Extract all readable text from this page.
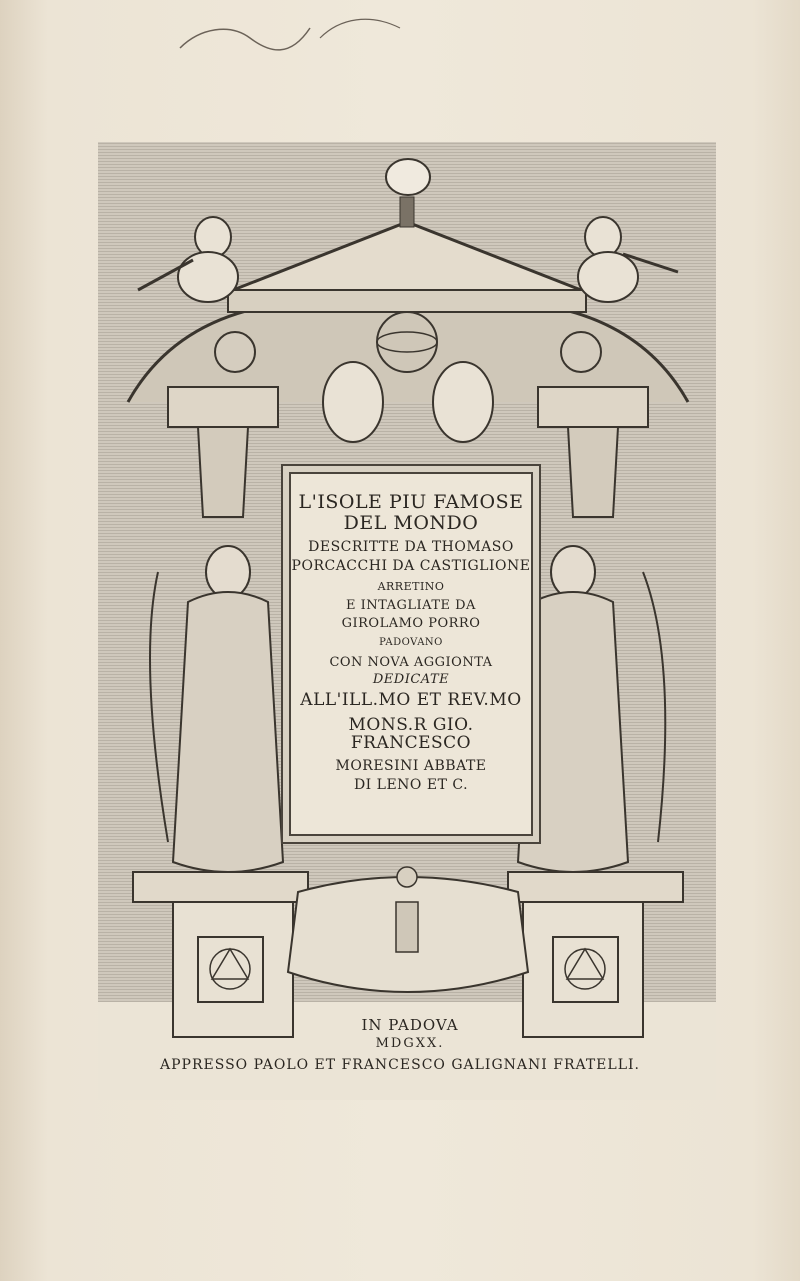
L'ISOLE PIU FAMOSE
DEL MONDO
DESCRITTE DA THOMASO
PORCACCHI DA CASTIGLIONE
ARRETINO
E INTAGLIATE DA
GIROLAMO PORRO
PADOVANO
CON NOVA AGGIONTA
DEDICATE
ALL'ILL.MO ET REV.MO
MONS.R GIO. FRANCESCO
MORESINI ABBATE
DI LENO ET C.
IN PADOVA
MDGXX.
APPRESSO PAOLO ET FRANCESCO GALIGNANI FRATELLI.
